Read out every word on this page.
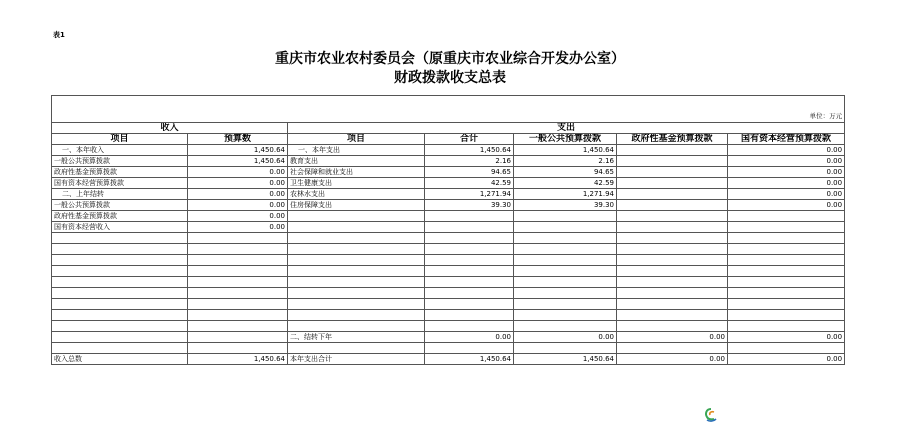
表1
重庆市农业农村委员会（原重庆市农业综合开发办公室）
财政拨款收支总表
单位：万元						
收入		支出				
项目	预算数	项目	合计	一般公共预算拨款	政府性基金预算拨款	国有资本经营预算拨款
一、本年收入	1,450.64	一、本年支出	1,450.64	1,450.64		0.00
一般公共预算拨款	1,450.64	教育支出	2.16	2.16		0.00
政府性基金预算拨款	0.00	社会保障和就业支出	94.65	94.65		0.00
国有资本经营预算拨款	0.00	卫生健康支出	42.59	42.59		0.00
二、上年结转	0.00	农林水支出	1,271.94	1,271.94		0.00
一般公共预算拨款	0.00	住房保障支出	39.30	39.30		0.00
政府性基金预算拨款	0.00					
国有资本经营收入	0.00					

		二、结转下年	0.00	0.00	0.00	0.00

收入总数	1,450.64	本年支出合计	1,450.64	1,450.64	0.00	0.00
